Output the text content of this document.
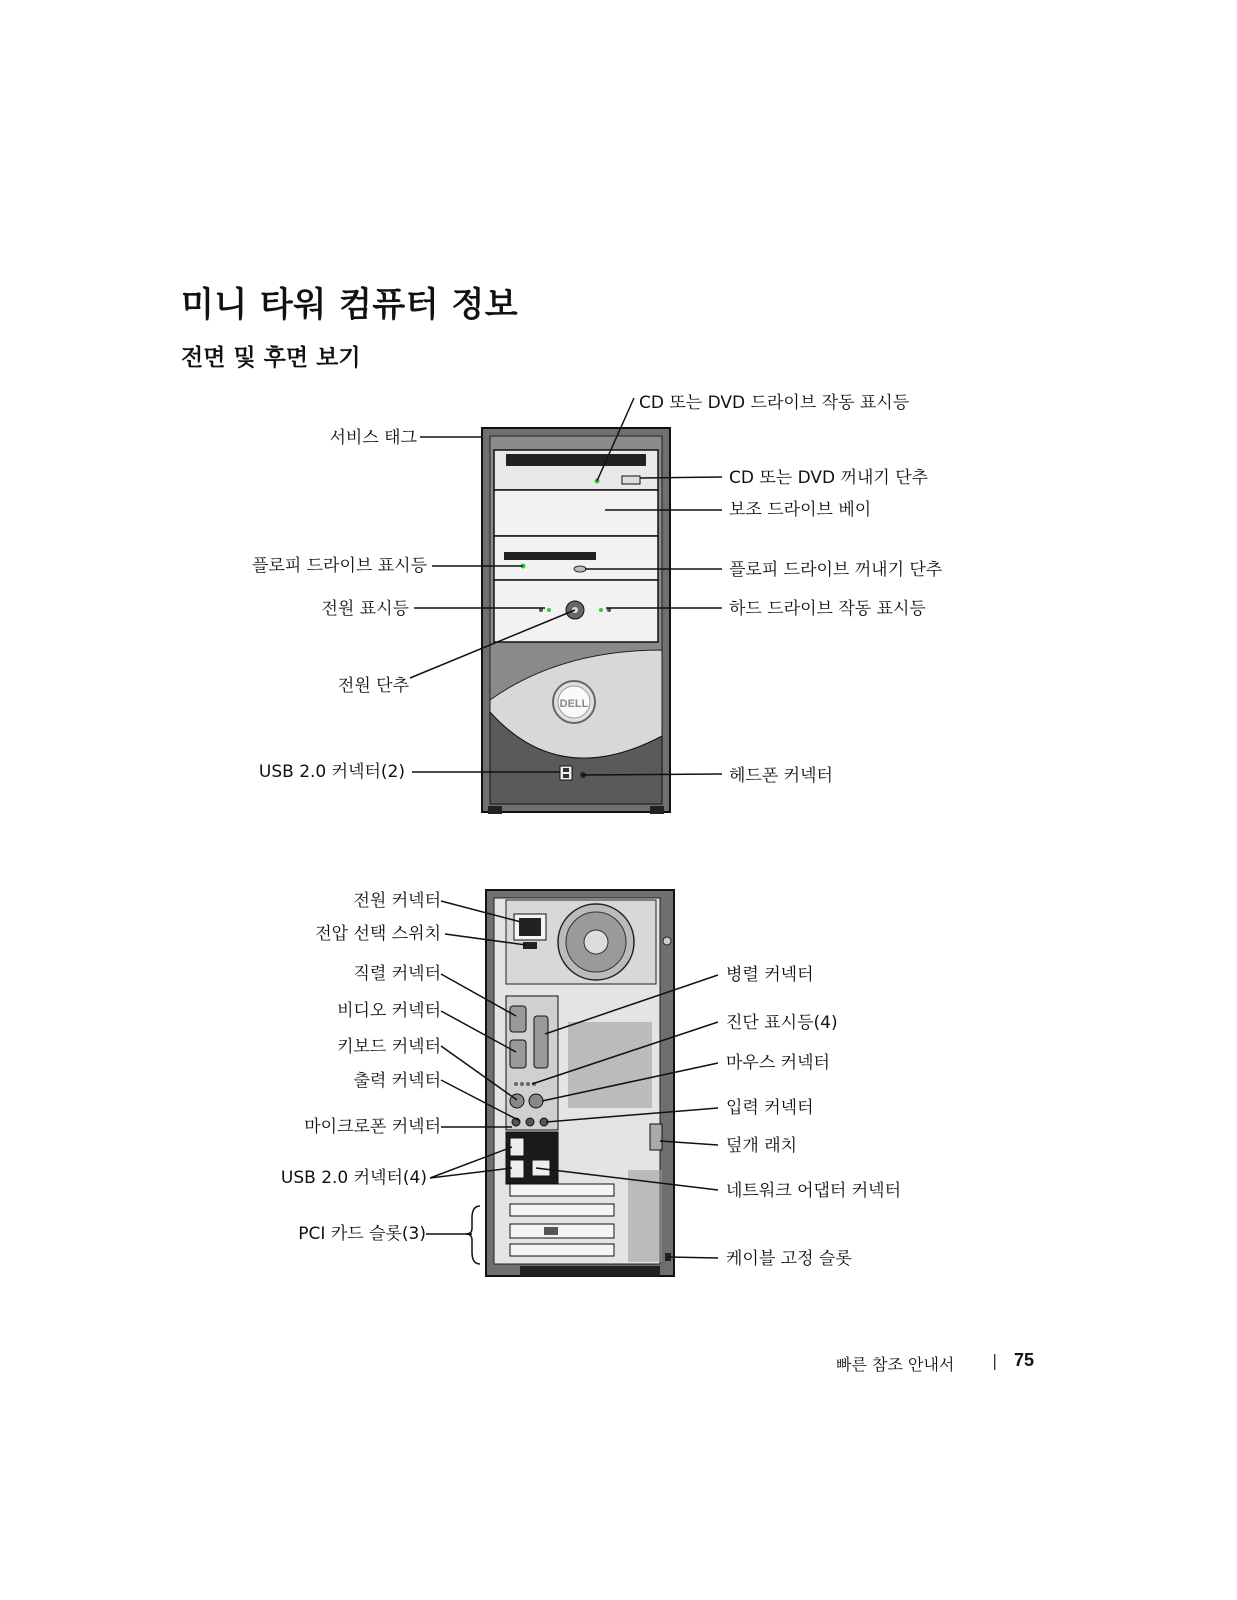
미니 타워 컴퓨터 정보
전면 및 후면 보기
DELL
CD 또는 DVD 드라이브 작동 표시등
서비스 태그
CD 또는 DVD 꺼내기 단추
보조 드라이브 베이
플로피 드라이브 표시등	플로피 드라이브 꺼내기 단추
전원 표시등	하드 드라이브 작동 표시등
전원 단추
USB 2.0 커넥터(2)	헤드폰 커넥터
전원 커넥터
전압 선택 스위치
직렬 커넥터
비디오 커넥터
키보드 커넥터
출력 커넥터
마이크로폰 커넥터
USB 2.0 커넥터(4)
PCI 카드 슬롯(3)
병렬 커넥터
진단 표시등(4)
마우스 커넥터
입력 커넥터
덮개 래치
네트워크 어댑터 커넥터
케이블 고정 슬롯
빠른 참조 안내서 | 75
